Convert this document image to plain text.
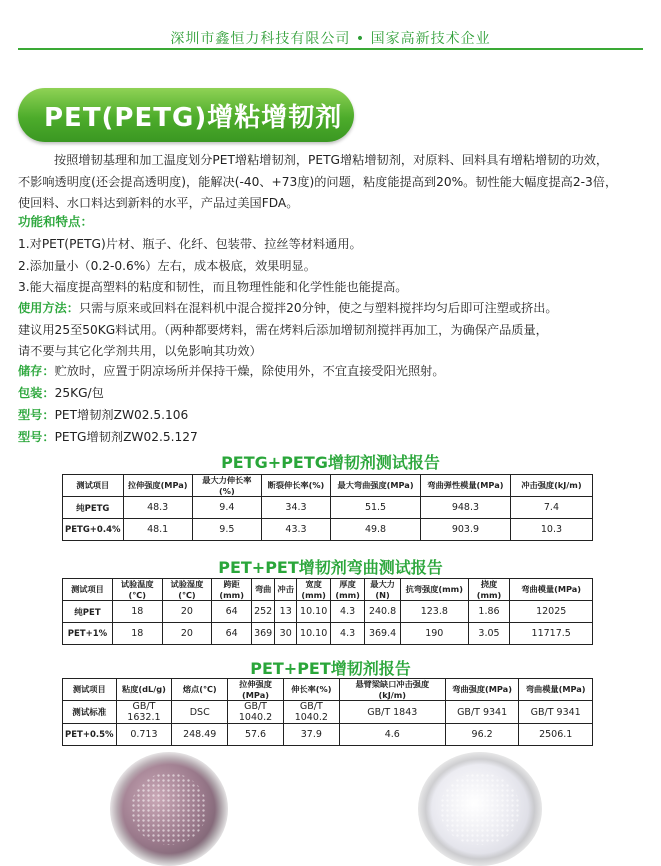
深圳市鑫恒力科技有限公司 • 国家高新技术企业
PET(PETG)增粘增韧剂
按照增韧基理和加工温度划分PET增粘增韧剂，PETG增粘增韧剂，对原料、回料具有增粘增韧的功效，
不影响透明度(还会提高透明度)，能解决(-40、+73度)的问题，粘度能提高到20%。韧性能大幅度提高2-3倍，
使回料、水口料达到新料的水平，产品过美国FDA。
功能和特点：
1.对PET(PETG)片材、瓶子、化纤、包装带、拉丝等材料通用。
2.添加量小（0.2-0.6%）左右，成本极底，效果明显。
3.能大福度提高塑料的粘度和韧性，而且物理性能和化学性能也能提高。
使用方法：只需与原来或回料在混料机中混合搅拌20分钟，使之与塑料搅拌均匀后即可注塑或挤出。
建议用25至50KG料试用。（两种都要烤料，需在烤料后添加增韧剂搅拌再加工，为确保产品质量，
请不要与其它化学剂共用，以免影响其功效）
储存：贮放时，应置于阴凉场所并保持干燥，除使用外，不宜直接受阳光照射。
包装：25KG/包
型号：PET增韧剂ZW02.5.106
型号：PETG增韧剂ZW02.5.127
PETG+PETG增韧剂测试报告
测试项目	拉伸强度(MPa)	最大力伸长率(%)	断裂伸长率(%)	最大弯曲强度(MPa)	弯曲弹性模量(MPa)	冲击强度(kJ/m)
纯PETG	48.3	9.4	34.3	51.5	948.3	7.4
PETG+0.4%	48.1	9.5	43.3	49.8	903.9	10.3
PET+PET增韧剂弯曲测试报告
测试项目	试验温度(℃)	试验湿度(℃)	跨距(mm)	弯曲	冲击	宽度(mm)	厚度(mm)	最大力(N)	抗弯强度(mm)	挠度(mm)	弯曲模量(MPa)
纯PET	18	20	64	252	13	10.10	4.3	240.8	123.8	1.86	12025
PET+1%	18	20	64	369	30	10.10	4.3	369.4	190	3.05	11717.5
PET+PET增韧剂报告
测试项目	粘度(dL/g)	熔点(℃)	拉伸强度(MPa)	伸长率(%)	悬臂梁缺口冲击强度(kJ/m)	弯曲强度(MPa)	弯曲模量(MPa)
测试标准	GB/T 1632.1	DSC	GB/T 1040.2	GB/T 1040.2	GB/T 1843	GB/T 9341	GB/T 9341
PET+0.5%	0.713	248.49	57.6	37.9	4.6	96.2	2506.1
